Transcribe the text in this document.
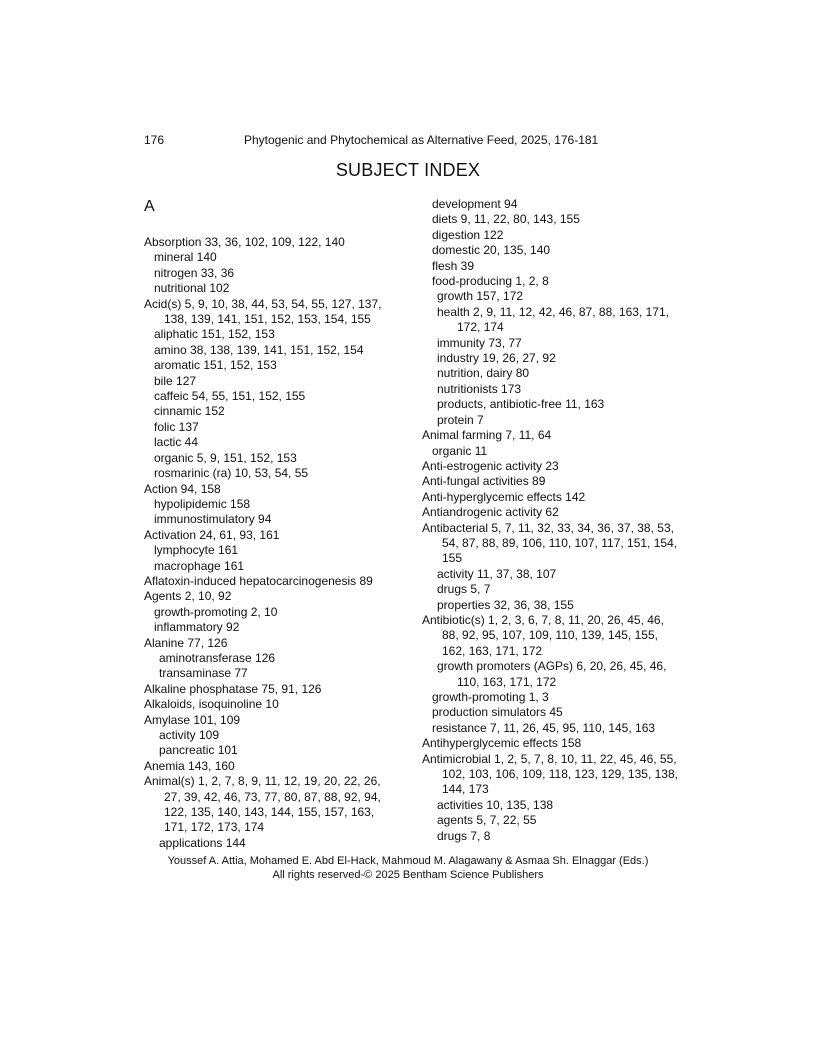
176	Phytogenic and Phytochemical as Alternative Feed, 2025, 176-181
SUBJECT INDEX
A
Absorption 33, 36, 102, 109, 122, 140
mineral 140
nitrogen 33, 36
nutritional 102
Acid(s) 5, 9, 10, 38, 44, 53, 54, 55, 127, 137, 138, 139, 141, 151, 152, 153, 154, 155
aliphatic 151, 152, 153
amino 38, 138, 139, 141, 151, 152, 154
aromatic 151, 152, 153
bile 127
caffeic 54, 55, 151, 152, 155
cinnamic 152
folic 137
lactic 44
organic 5, 9, 151, 152, 153
rosmarinic (ra) 10, 53, 54, 55
Action 94, 158
hypolipidemic 158
immunostimulatory 94
Activation 24, 61, 93, 161
lymphocyte 161
macrophage 161
Aflatoxin-induced hepatocarcinogenesis 89
Agents 2, 10, 92
growth-promoting 2, 10
inflammatory 92
Alanine 77, 126
aminotransferase 126
transaminase 77
Alkaline phosphatase 75, 91, 126
Alkaloids, isoquinoline 10
Amylase 101, 109
activity 109
pancreatic 101
Anemia 143, 160
Animal(s) 1, 2, 7, 8, 9, 11, 12, 19, 20, 22, 26, 27, 39, 42, 46, 73, 77, 80, 87, 88, 92, 94, 122, 135, 140, 143, 144, 155, 157, 163, 171, 172, 173, 174
applications 144
development 94
diets 9, 11, 22, 80, 143, 155
digestion 122
domestic 20, 135, 140
flesh 39
food-producing 1, 2, 8
growth 157, 172
health 2, 9, 11, 12, 42, 46, 87, 88, 163, 171, 172, 174
immunity 73, 77
industry 19, 26, 27, 92
nutrition, dairy 80
nutritionists 173
products, antibiotic-free 11, 163
protein 7
Animal farming 7, 11, 64
organic 11
Anti-estrogenic activity 23
Anti-fungal activities 89
Anti-hyperglycemic effects 142
Antiandrogenic activity 62
Antibacterial 5, 7, 11, 32, 33, 34, 36, 37, 38, 53, 54, 87, 88, 89, 106, 110, 107, 117, 151, 154, 155
activity 11, 37, 38, 107
drugs 5, 7
properties 32, 36, 38, 155
Antibiotic(s) 1, 2, 3, 6, 7, 8, 11, 20, 26, 45, 46, 88, 92, 95, 107, 109, 110, 139, 145, 155, 162, 163, 171, 172
growth promoters (AGPs) 6, 20, 26, 45, 46, 110, 163, 171, 172
growth-promoting 1, 3
production simulators 45
resistance 7, 11, 26, 45, 95, 110, 145, 163
Antihyperglycemic effects 158
Antimicrobial 1, 2, 5, 7, 8, 10, 11, 22, 45, 46, 55, 102, 103, 106, 109, 118, 123, 129, 135, 138, 144, 173
activities 10, 135, 138
agents 5, 7, 22, 55
drugs 7, 8
Youssef A. Attia, Mohamed E. Abd El-Hack, Mahmoud M. Alagawany & Asmaa Sh. Elnaggar (Eds.)
All rights reserved-© 2025 Bentham Science Publishers
